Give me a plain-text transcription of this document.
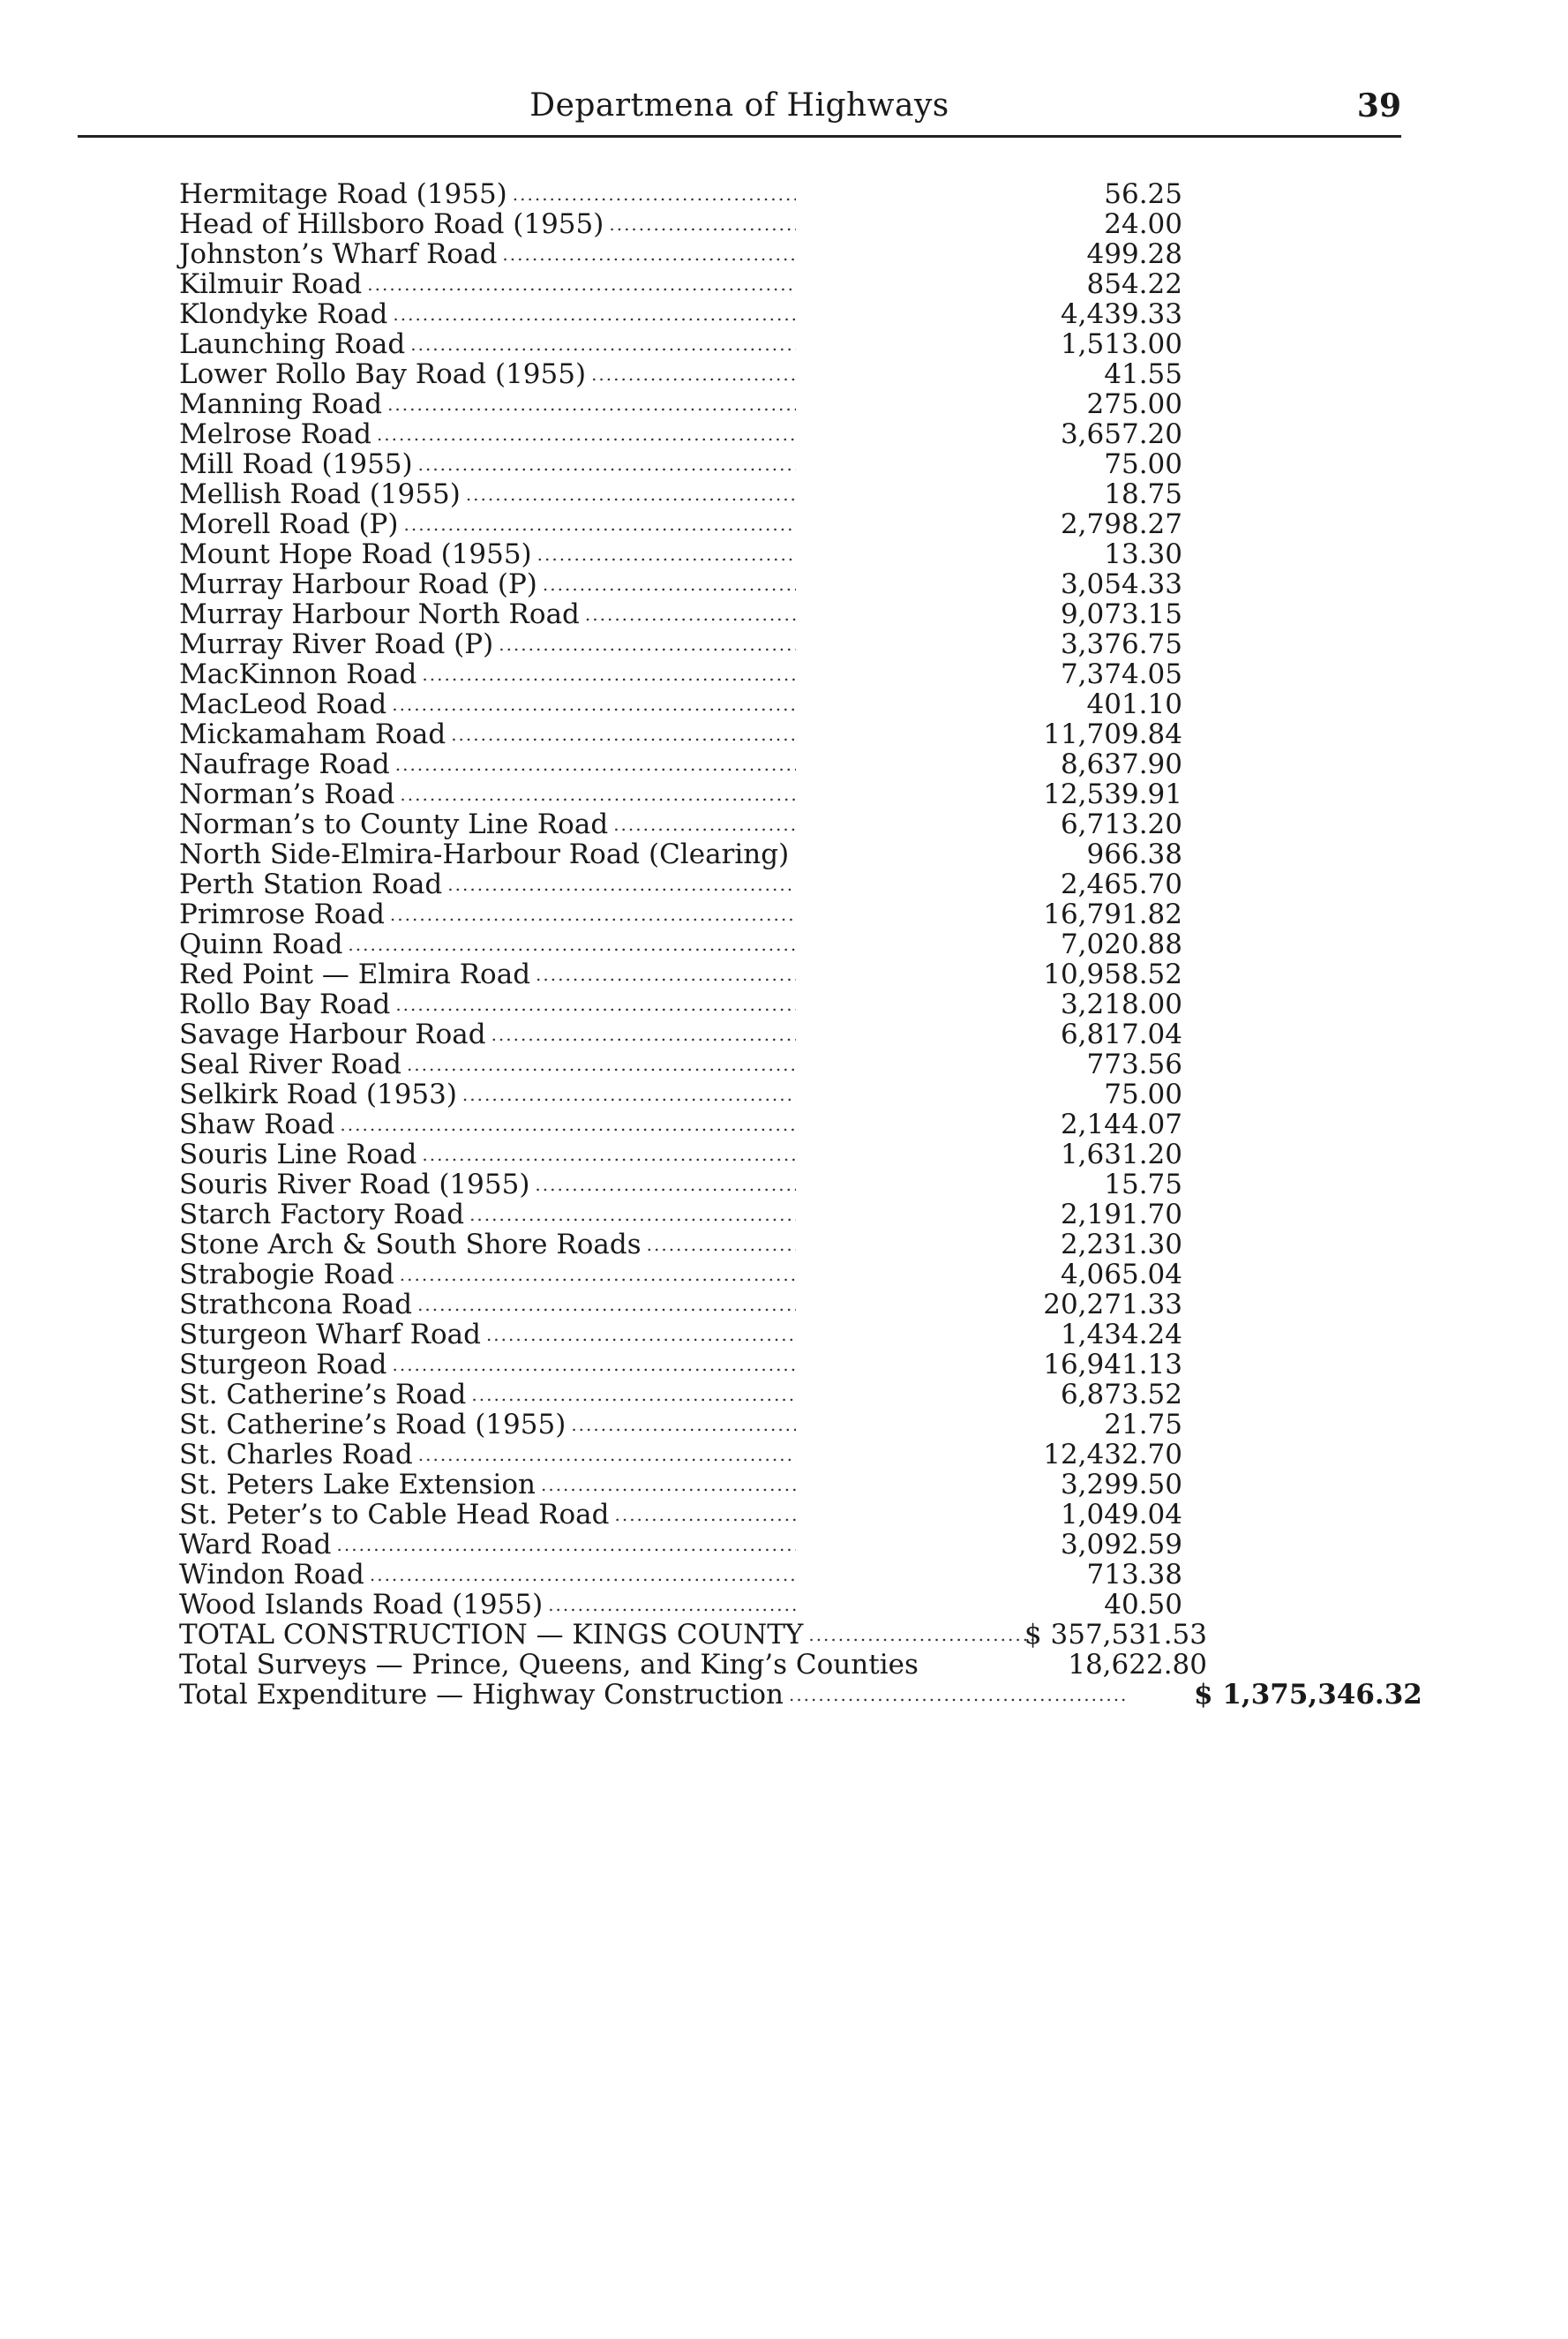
Departmena of Highways	39
Hermitage Road (1955) .....	56.25
Head of Hillsboro Road (1955) .....	24.00
Johnston’s Wharf Road .....	499.28
Kilmuir Road .....	854.22
Klondyke Road .....	4,439.33
Launching Road .....	1,513.00
Lower Rollo Bay Road (1955) .....	41.55
Manning Road .....	275.00
Melrose Road .....	3,657.20
Mill Road (1955) .....	75.00
Mellish Road (1955) .....	18.75
Morell Road (P) .....	2,798.27
Mount Hope Road (1955) .....	13.30
Murray Harbour Road (P) .....	3,054.33
Murray Harbour North Road .....	9,073.15
Murray River Road (P) .....	3,376.75
MacKinnon Road .....	7,374.05
MacLeod Road .....	401.10
Mickamaham Road .....	11,709.84
Naufrage Road .....	8,637.90
Norman’s Road .....	12,539.91
Norman’s to County Line Road .....	6,713.20
North Side-Elmira-Harbour Road (Clearing)	966.38
Perth Station Road .....	2,465.70
Primrose Road .....	16,791.82
Quinn Road .....	7,020.88
Red Point — Elmira Road .....	10,958.52
Rollo Bay Road .....	3,218.00
Savage Harbour Road .....	6,817.04
Seal River Road .....	773.56
Selkirk Road (1953) .....	75.00
Shaw Road .....	2,144.07
Souris Line Road .....	1,631.20
Souris River Road (1955) .....	15.75
Starch Factory Road .....	2,191.70
Stone Arch & South Shore Roads .....	2,231.30
Strabogie Road .....	4,065.04
Strathcona Road .....	20,271.33
Sturgeon Wharf Road .....	1,434.24
Sturgeon Road .....	16,941.13
St. Catherine’s Road .....	6,873.52
St. Catherine’s Road (1955) .....	21.75
St. Charles Road .....	12,432.70
St. Peters Lake Extension .....	3,299.50
St. Peter’s to Cable Head Road .....	1,049.04
Ward Road .....	3,092.59
Windon Road .....	713.38
Wood Islands Road (1955) .....	40.50
TOTAL CONSTRUCTION — KINGS COUNTY .....	$ 357,531.53
Total Surveys — Prince, Queens, and King’s Counties	18,622.80
Total Expenditure — Highway Construction .....	$ 1,375,346.32
